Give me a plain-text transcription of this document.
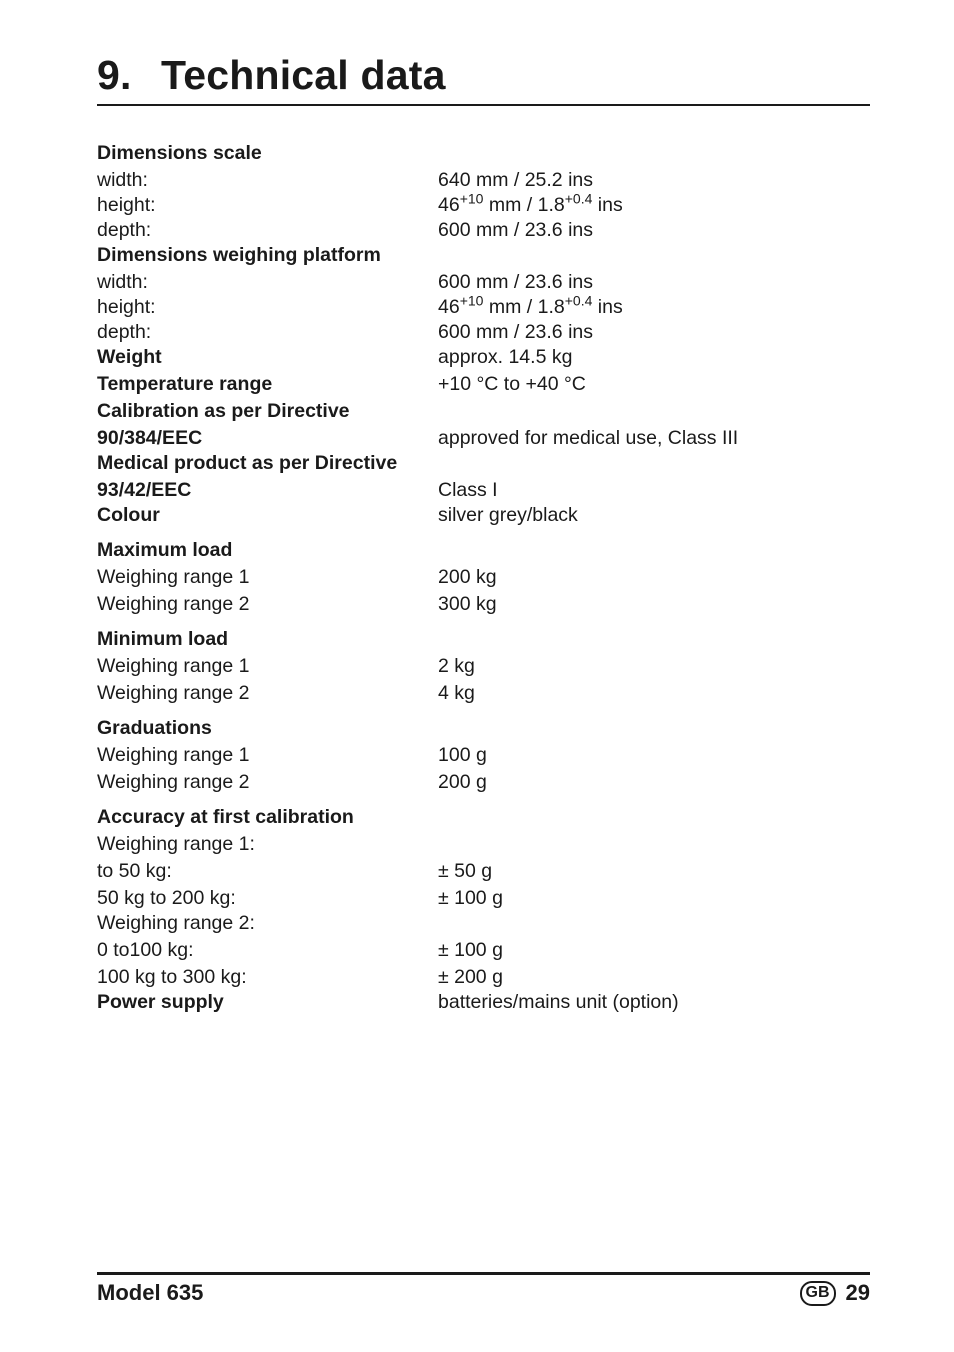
9. Technical data
Dimensions scale
width:	640 mm / 25.2 ins
height:	$46^{+10}$ mm / $1.8^{+0.4}$ ins
depth:	600 mm / 23.6 ins
Dimensions weighing platform
width:	600 mm / 23.6 ins
height:	$46^{+10}$ mm / $1.8^{+0.4}$ ins
depth:	600 mm / 23.6 ins
Weight	approx. 14.5 kg
Temperature range	+10 °C to +40 °C
Calibration as per Directive
90/384/EEC	approved for medical use, Class III
Medical product as per Directive
93/42/EEC	Class I
Colour	silver grey/black
Maximum load
Weighing range 1	200 kg
Weighing range 2	300 kg
Minimum load
Weighing range 1	2 kg
Weighing range 2	4 kg
Graduations
Weighing range 1	100 g
Weighing range 2	200 g
Accuracy at first calibration
Weighing range 1:
to 50 kg:	± 50 g
50 kg to 200 kg:	± 100 g
Weighing range 2:
0 to100 kg:	± 100 g
100 kg to 300 kg:	± 200 g
Power supply	batteries/mains unit (option)
Model 635	GB 29
